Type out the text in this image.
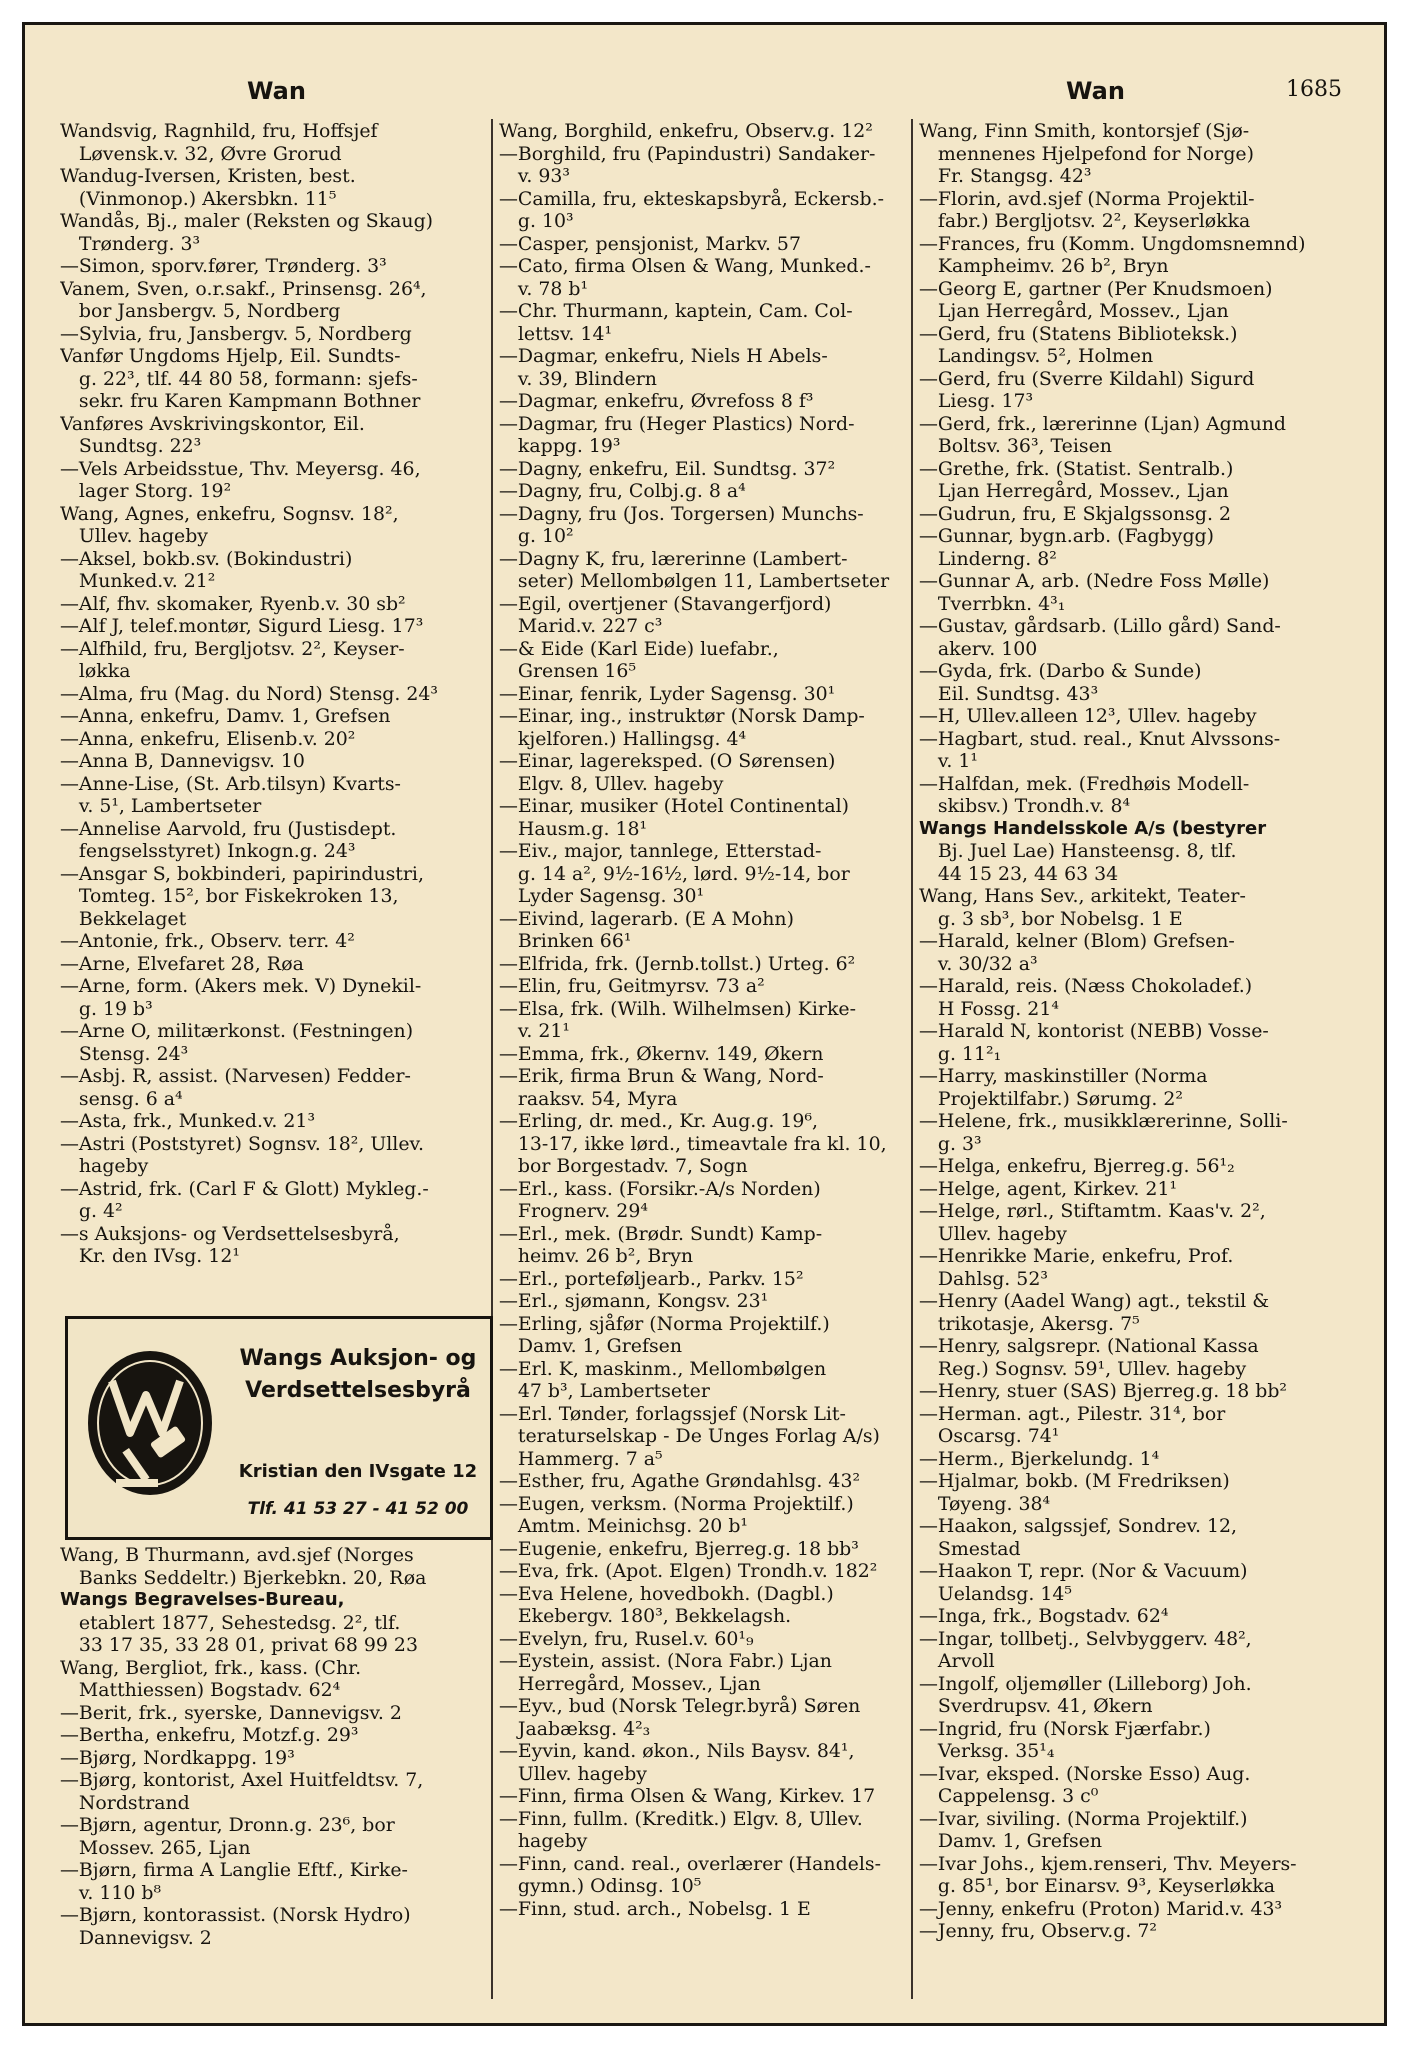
Wan	Wan	1685
Wandsvig, Ragnhild, fru, Hoffsjef
 Løvensk.v. 32, Øvre Grorud
Wandug-Iversen, Kristen, best.
 (Vinmonop.) Akersbkn. 11⁵
Wandås, Bj., maler (Reksten og Skaug)
 Trønderg. 3³
—Simon, sporv.fører, Trønderg. 3³
Vanem, Sven, o.r.sakf., Prinsensg. 26⁴,
 bor Jansbergv. 5, Nordberg
—Sylvia, fru, Jansbergv. 5, Nordberg
Vanfør Ungdoms Hjelp, Eil. Sundts-
 g. 22³, tlf. 44 80 58, formann: sjefs-
 sekr. fru Karen Kampmann Bothner
Vanføres Avskrivingskontor, Eil.
 Sundtsg. 22³
—Vels Arbeidsstue, Thv. Meyersg. 46,
 lager Storg. 19²
Wang, Agnes, enkefru, Sognsv. 18²,
 Ullev. hageby
—Aksel, bokb.sv. (Bokindustri)
 Munked.v. 21²
—Alf, fhv. skomaker, Ryenb.v. 30 sb²
—Alf J, telef.montør, Sigurd Liesg. 17³
—Alfhild, fru, Bergljotsv. 2², Keyser-
 løkka
—Alma, fru (Mag. du Nord) Stensg. 24³
—Anna, enkefru, Damv. 1, Grefsen
—Anna, enkefru, Elisenb.v. 20²
—Anna B, Dannevigsv. 10
—Anne-Lise, (St. Arb.tilsyn) Kvarts-
 v. 5¹, Lambertseter
—Annelise Aarvold, fru (Justisdept.
 fengselsstyret) Inkogn.g. 24³
—Ansgar S, bokbinderi, papirindustri,
 Tomteg. 15², bor Fiskekroken 13,
 Bekkelaget
—Antonie, frk., Observ. terr. 4²
—Arne, Elvefaret 28, Røa
—Arne, form. (Akers mek. V) Dynekil-
 g. 19 b³
—Arne O, militærkonst. (Festningen)
 Stensg. 24³
—Asbj. R, assist. (Narvesen) Fedder-
 sensg. 6 a⁴
—Asta, frk., Munked.v. 21³
—Astri (Poststyret) Sognsv. 18², Ullev.
 hageby
—Astrid, frk. (Carl F & Glott) Mykleg.-
 g. 4²
—s Auksjons- og Verdsettelsesbyrå,
 Kr. den IVsg. 12¹
Wangs Auksjon- og
Verdsettelsesbyrå
Kristian den IVsgate 12
Tlf. 41 53 27 - 41 52 00
Wang, B Thurmann, avd.sjef (Norges
 Banks Seddeltr.) Bjerkebkn. 20, Røa
Wangs Begravelses-Bureau,
 etablert 1877, Sehestedsg. 2², tlf.
 33 17 35, 33 28 01, privat 68 99 23
Wang, Bergliot, frk., kass. (Chr.
 Matthiessen) Bogstadv. 62⁴
—Berit, frk., syerske, Dannevigsv. 2
—Bertha, enkefru, Motzf.g. 29³
—Bjørg, Nordkappg. 19³
—Bjørg, kontorist, Axel Huitfeldtsv. 7,
 Nordstrand
—Bjørn, agentur, Dronn.g. 23⁶, bor
 Mossev. 265, Ljan
—Bjørn, firma A Langlie Eftf., Kirke-
 v. 110 b⁸
—Bjørn, kontorassist. (Norsk Hydro)
 Dannevigsv. 2
Wang, Borghild, enkefru, Observ.g. 12²
—Borghild, fru (Papindustri) Sandaker-
 v. 93³
—Camilla, fru, ekteskapsbyrå, Eckersb.-
 g. 10³
—Casper, pensjonist, Markv. 57
—Cato, firma Olsen & Wang, Munked.-
 v. 78 b¹
—Chr. Thurmann, kaptein, Cam. Col-
 lettsv. 14¹
—Dagmar, enkefru, Niels H Abels-
 v. 39, Blindern
—Dagmar, enkefru, Øvrefoss 8 f³
—Dagmar, fru (Heger Plastics) Nord-
 kappg. 19³
—Dagny, enkefru, Eil. Sundtsg. 37²
—Dagny, fru, Colbj.g. 8 a⁴
—Dagny, fru (Jos. Torgersen) Munchs-
 g. 10²
—Dagny K, fru, lærerinne (Lambert-
 seter) Mellombølgen 11, Lambertseter
—Egil, overtjener (Stavangerfjord)
 Marid.v. 227 c³
—& Eide (Karl Eide) luefabr.,
 Grensen 16⁵
—Einar, fenrik, Lyder Sagensg. 30¹
—Einar, ing., instruktør (Norsk Damp-
 kjelforen.) Hallingsg. 4⁴
—Einar, lagereksped. (O Sørensen)
 Elgv. 8, Ullev. hageby
—Einar, musiker (Hotel Continental)
 Hausm.g. 18¹
—Eiv., major, tannlege, Etterstad-
 g. 14 a², 9½-16½, lørd. 9½-14, bor
 Lyder Sagensg. 30¹
—Eivind, lagerarb. (E A Mohn)
 Brinken 66¹
—Elfrida, frk. (Jernb.tollst.) Urteg. 6²
—Elin, fru, Geitmyrsv. 73 a²
—Elsa, frk. (Wilh. Wilhelmsen) Kirke-
 v. 21¹
—Emma, frk., Økernv. 149, Økern
—Erik, firma Brun & Wang, Nord-
 raaksv. 54, Myra
—Erling, dr. med., Kr. Aug.g. 19⁶,
 13-17, ikke lørd., timeavtale fra kl. 10,
 bor Borgestadv. 7, Sogn
—Erl., kass. (Forsikr.-A/s Norden)
 Frognerv. 29⁴
—Erl., mek. (Brødr. Sundt) Kamp-
 heimv. 26 b², Bryn
—Erl., porteføljearb., Parkv. 15²
—Erl., sjømann, Kongsv. 23¹
—Erling, sjåfør (Norma Projektilf.)
 Damv. 1, Grefsen
—Erl. K, maskinm., Mellombølgen
 47 b³, Lambertseter
—Erl. Tønder, forlagssjef (Norsk Lit-
 teraturselskap - De Unges Forlag A/s)
 Hammerg. 7 a⁵
—Esther, fru, Agathe Grøndahlsg. 43²
—Eugen, verksm. (Norma Projektilf.)
 Amtm. Meinichsg. 20 b¹
—Eugenie, enkefru, Bjerreg.g. 18 bb³
—Eva, frk. (Apot. Elgen) Trondh.v. 182²
—Eva Helene, hovedbokh. (Dagbl.)
 Ekebergv. 180³, Bekkelagsh.
—Evelyn, fru, Rusel.v. 60¹₉
—Eystein, assist. (Nora Fabr.) Ljan
 Herregård, Mossev., Ljan
—Eyv., bud (Norsk Telegr.byrå) Søren
 Jaabæksg. 4²₃
—Eyvin, kand. økon., Nils Baysv. 84¹,
 Ullev. hageby
—Finn, firma Olsen & Wang, Kirkev. 17
—Finn, fullm. (Kreditk.) Elgv. 8, Ullev.
 hageby
—Finn, cand. real., overlærer (Handels-
 gymn.) Odinsg. 10⁵
—Finn, stud. arch., Nobelsg. 1 E
Wang, Finn Smith, kontorsjef (Sjø-
 mennenes Hjelpefond for Norge)
 Fr. Stangsg. 42³
—Florin, avd.sjef (Norma Projektil-
 fabr.) Bergljotsv. 2², Keyserløkka
—Frances, fru (Komm. Ungdomsnemnd)
 Kampheimv. 26 b², Bryn
—Georg E, gartner (Per Knudsmoen)
 Ljan Herregård, Mossev., Ljan
—Gerd, fru (Statens Biblioteksk.)
 Landingsv. 5², Holmen
—Gerd, fru (Sverre Kildahl) Sigurd
 Liesg. 17³
—Gerd, frk., lærerinne (Ljan) Agmund
 Boltsv. 36³, Teisen
—Grethe, frk. (Statist. Sentralb.)
 Ljan Herregård, Mossev., Ljan
—Gudrun, fru, E Skjalgssonsg. 2
—Gunnar, bygn.arb. (Fagbygg)
 Linderng. 8²
—Gunnar A, arb. (Nedre Foss Mølle)
 Tverrbkn. 4³₁
—Gustav, gårdsarb. (Lillo gård) Sand-
 akerv. 100
—Gyda, frk. (Darbo & Sunde)
 Eil. Sundtsg. 43³
—H, Ullev.alleen 12³, Ullev. hageby
—Hagbart, stud. real., Knut Alvssons-
 v. 1¹
—Halfdan, mek. (Fredhøis Modell-
 skibsv.) Trondh.v. 8⁴
Wangs Handelsskole A/s (bestyrer
 Bj. Juel Lae) Hansteensg. 8, tlf.
 44 15 23, 44 63 34
Wang, Hans Sev., arkitekt, Teater-
 g. 3 sb³, bor Nobelsg. 1 E
—Harald, kelner (Blom) Grefsen-
 v. 30/32 a³
—Harald, reis. (Næss Chokoladef.)
 H Fossg. 21⁴
—Harald N, kontorist (NEBB) Vosse-
 g. 11²₁
—Harry, maskinstiller (Norma
 Projektilfabr.) Sørumg. 2²
—Helene, frk., musikklærerinne, Solli-
 g. 3³
—Helga, enkefru, Bjerreg.g. 56¹₂
—Helge, agent, Kirkev. 21¹
—Helge, rørl., Stiftamtm. Kaas'v. 2²,
 Ullev. hageby
—Henrikke Marie, enkefru, Prof.
 Dahlsg. 52³
—Henry (Aadel Wang) agt., tekstil &
 trikotasje, Akersg. 7⁵
—Henry, salgsrepr. (National Kassa
 Reg.) Sognsv. 59¹, Ullev. hageby
—Henry, stuer (SAS) Bjerreg.g. 18 bb²
—Herman. agt., Pilestr. 31⁴, bor
 Oscarsg. 74¹
—Herm., Bjerkelundg. 1⁴
—Hjalmar, bokb. (M Fredriksen)
 Tøyeng. 38⁴
—Haakon, salgssjef, Sondrev. 12,
 Smestad
—Haakon T, repr. (Nor & Vacuum)
 Uelandsg. 14⁵
—Inga, frk., Bogstadv. 62⁴
—Ingar, tollbetj., Selvbyggerv. 48²,
 Arvoll
—Ingolf, oljemøller (Lilleborg) Joh.
 Sverdrupsv. 41, Økern
—Ingrid, fru (Norsk Fjærfabr.)
 Verksg. 35¹₄
—Ivar, eksped. (Norske Esso) Aug.
 Cappelensg. 3 c⁰
—Ivar, siviling. (Norma Projektilf.)
 Damv. 1, Grefsen
—Ivar Johs., kjem.renseri, Thv. Meyers-
 g. 85¹, bor Einarsv. 9³, Keyserløkka
—Jenny, enkefru (Proton) Marid.v. 43³
—Jenny, fru, Observ.g. 7²
